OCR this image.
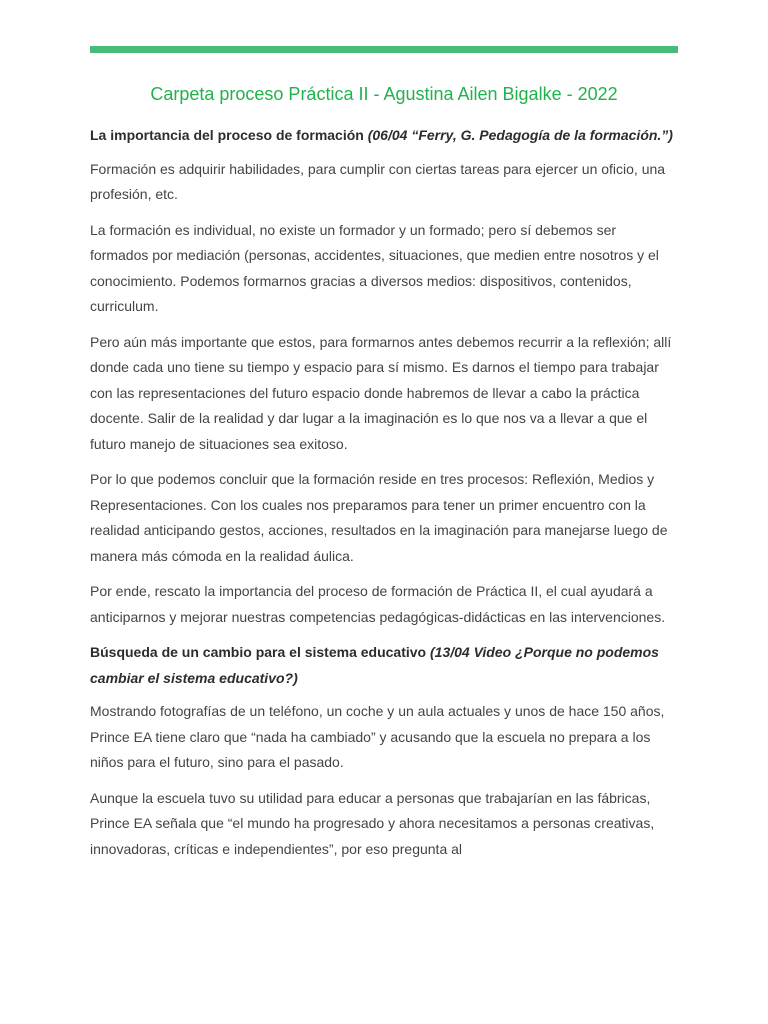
Carpeta proceso Práctica II - Agustina Ailen Bigalke - 2022
La importancia del proceso de formación (06/04 “Ferry, G. Pedagogía de la formación.”)

Formación es adquirir habilidades, para cumplir con ciertas tareas para ejercer un oficio, una profesión, etc.

La formación es individual, no existe un formador y un formado; pero sí debemos ser formados por mediación (personas, accidentes, situaciones, que medien entre nosotros y el conocimiento. Podemos formarnos gracias a diversos medios: dispositivos, contenidos, curriculum.

Pero aún más importante que estos, para formarnos antes debemos recurrir a la reflexión; allí donde cada uno tiene su tiempo y espacio para sí mismo. Es darnos el tiempo para trabajar con las representaciones del futuro espacio donde habremos de llevar a cabo la práctica docente. Salir de la realidad y dar lugar a la imaginación es lo que nos va a llevar a que el futuro manejo de situaciones sea exitoso.

Por lo que podemos concluir que la formación reside en tres procesos: Reflexión, Medios y Representaciones. Con los cuales nos preparamos para tener un primer encuentro con la realidad anticipando gestos, acciones, resultados en la imaginación para manejarse luego de manera más cómoda en la realidad áulica.

Por ende, rescato la importancia del proceso de formación de Práctica II, el cual ayudará a anticiparnos y mejorar nuestras competencias pedagógicas-didácticas en las intervenciones.

Búsqueda de un cambio para el sistema educativo (13/04 Video ¿Porque no podemos cambiar el sistema educativo?)

Mostrando fotografías de un teléfono, un coche y un aula actuales y unos de hace 150 años, Prince EA tiene claro que “nada ha cambiado” y acusando que la escuela no prepara a los niños para el futuro, sino para el pasado.

Aunque la escuela tuvo su utilidad para educar a personas que trabajarían en las fábricas, Prince EA señala que “el mundo ha progresado y ahora necesitamos a personas creativas, innovadoras, críticas e independientes”, por eso pregunta al
